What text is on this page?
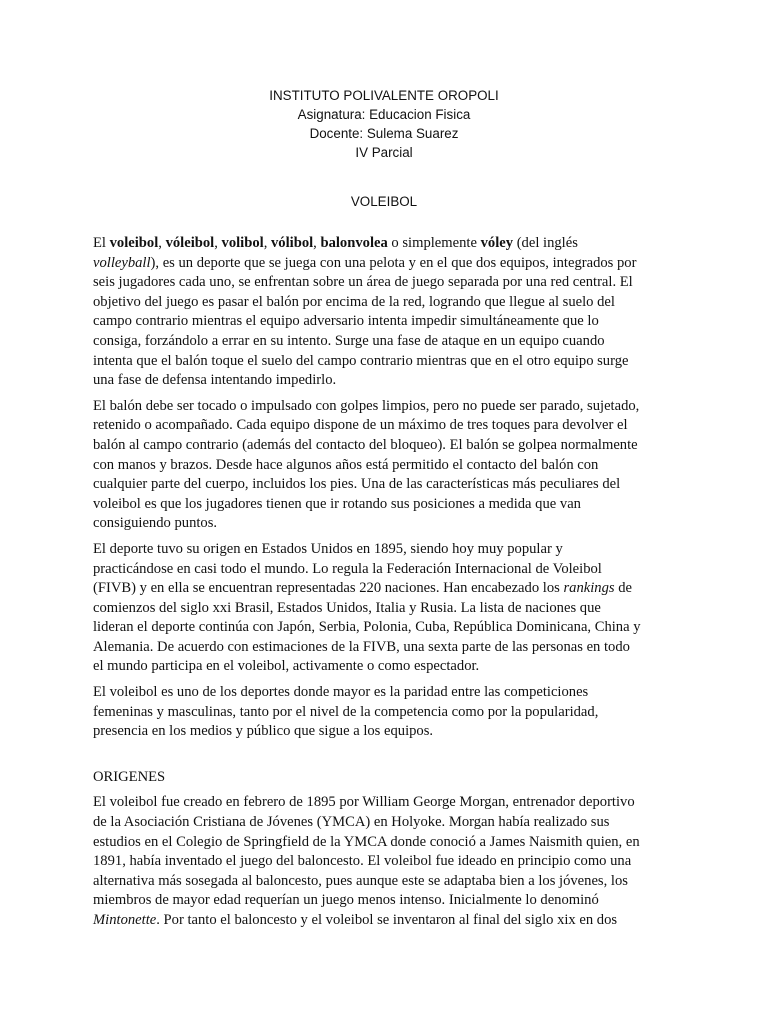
INSTITUTO POLIVALENTE OROPOLI
Asignatura: Educacion Fisica
Docente: Sulema Suarez
IV Parcial
VOLEIBOL

El voleibol, vóleibol, volibol, vólibol, balonvolea o simplemente vóley (del inglés
volleyball), es un deporte que se juega con una pelota y en el que dos equipos, integrados por
seis jugadores cada uno, se enfrentan sobre un área de juego separada por una red central. El
objetivo del juego es pasar el balón por encima de la red, logrando que llegue al suelo del
campo contrario mientras el equipo adversario intenta impedir simultáneamente que lo
consiga, forzándolo a errar en su intento. Surge una fase de ataque en un equipo cuando
intenta que el balón toque el suelo del campo contrario mientras que en el otro equipo surge
una fase de defensa intentando impedirlo.

El balón debe ser tocado o impulsado con golpes limpios, pero no puede ser parado, sujetado,
retenido o acompañado. Cada equipo dispone de un máximo de tres toques para devolver el
balón al campo contrario (además del contacto del bloqueo). El balón se golpea normalmente
con manos y brazos. Desde hace algunos años está permitido el contacto del balón con
cualquier parte del cuerpo, incluidos los pies. Una de las características más peculiares del
voleibol es que los jugadores tienen que ir rotando sus posiciones a medida que van
consiguiendo puntos.

El deporte tuvo su origen en Estados Unidos en 1895, siendo hoy muy popular y
practicándose en casi todo el mundo. Lo regula la Federación Internacional de Voleibol
(FIVB) y en ella se encuentran representadas 220 naciones. Han encabezado los rankings de
comienzos del siglo xxi Brasil, Estados Unidos, Italia y Rusia. La lista de naciones que
lideran el deporte continúa con Japón, Serbia, Polonia, Cuba, República Dominicana, China y
Alemania. De acuerdo con estimaciones de la FIVB, una sexta parte de las personas en todo
el mundo participa en el voleibol, activamente o como espectador.

El voleibol es uno de los deportes donde mayor es la paridad entre las competiciones
femeninas y masculinas, tanto por el nivel de la competencia como por la popularidad,
presencia en los medios y público que sigue a los equipos.

ORIGENES

El voleibol fue creado en febrero de 1895 por William George Morgan, entrenador deportivo
de la Asociación Cristiana de Jóvenes (YMCA) en Holyoke. Morgan había realizado sus
estudios en el Colegio de Springfield de la YMCA donde conoció a James Naismith quien, en
1891, había inventado el juego del baloncesto. El voleibol fue ideado en principio como una
alternativa más sosegada al baloncesto, pues aunque este se adaptaba bien a los jóvenes, los
miembros de mayor edad requerían un juego menos intenso. Inicialmente lo denominó
Mintonette. Por tanto el baloncesto y el voleibol se inventaron al final del siglo xix en dos
